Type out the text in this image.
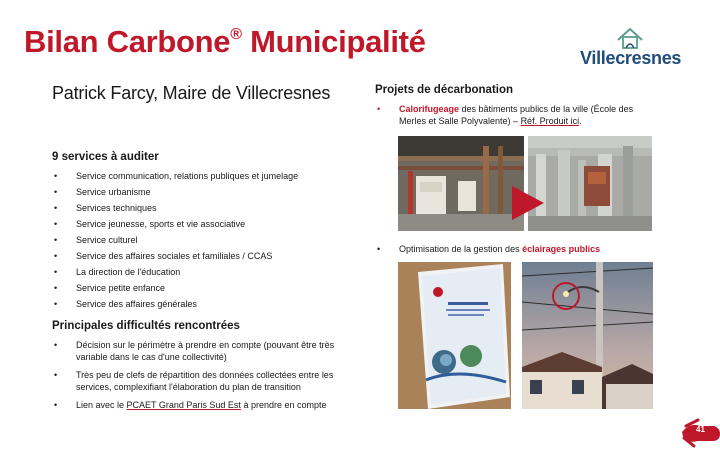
Bilan Carbone® Municipalité	Villecresnes
Patrick Farcy, Maire de Villecresnes
9 services à auditer
• Service communication, relations publiques et jumelage
• Service urbanisme
• Services techniques
• Service jeunesse, sports et vie associative
• Service culturel
• Service des affaires sociales et familiales / CCAS
• La direction de l'éducation
• Service petite enfance
• Service des affaires générales
Principales difficultés rencontrées
• Décision sur le périmètre à prendre en compte (pouvant être très variable dans le cas d'une collectivité)
• Très peu de clefs de répartition des données collectées entre les services, complexifiant l'élaboration du plan de transition
• Lien avec le PCAET Grand Paris Sud Est à prendre en compte
Projets de décarbonation
• Calorifugeage des bâtiments publics de la ville (École des Merles et Salle Polyvalente) – Réf. Produit ici.
• Optimisation de la gestion des éclairages publics
41
